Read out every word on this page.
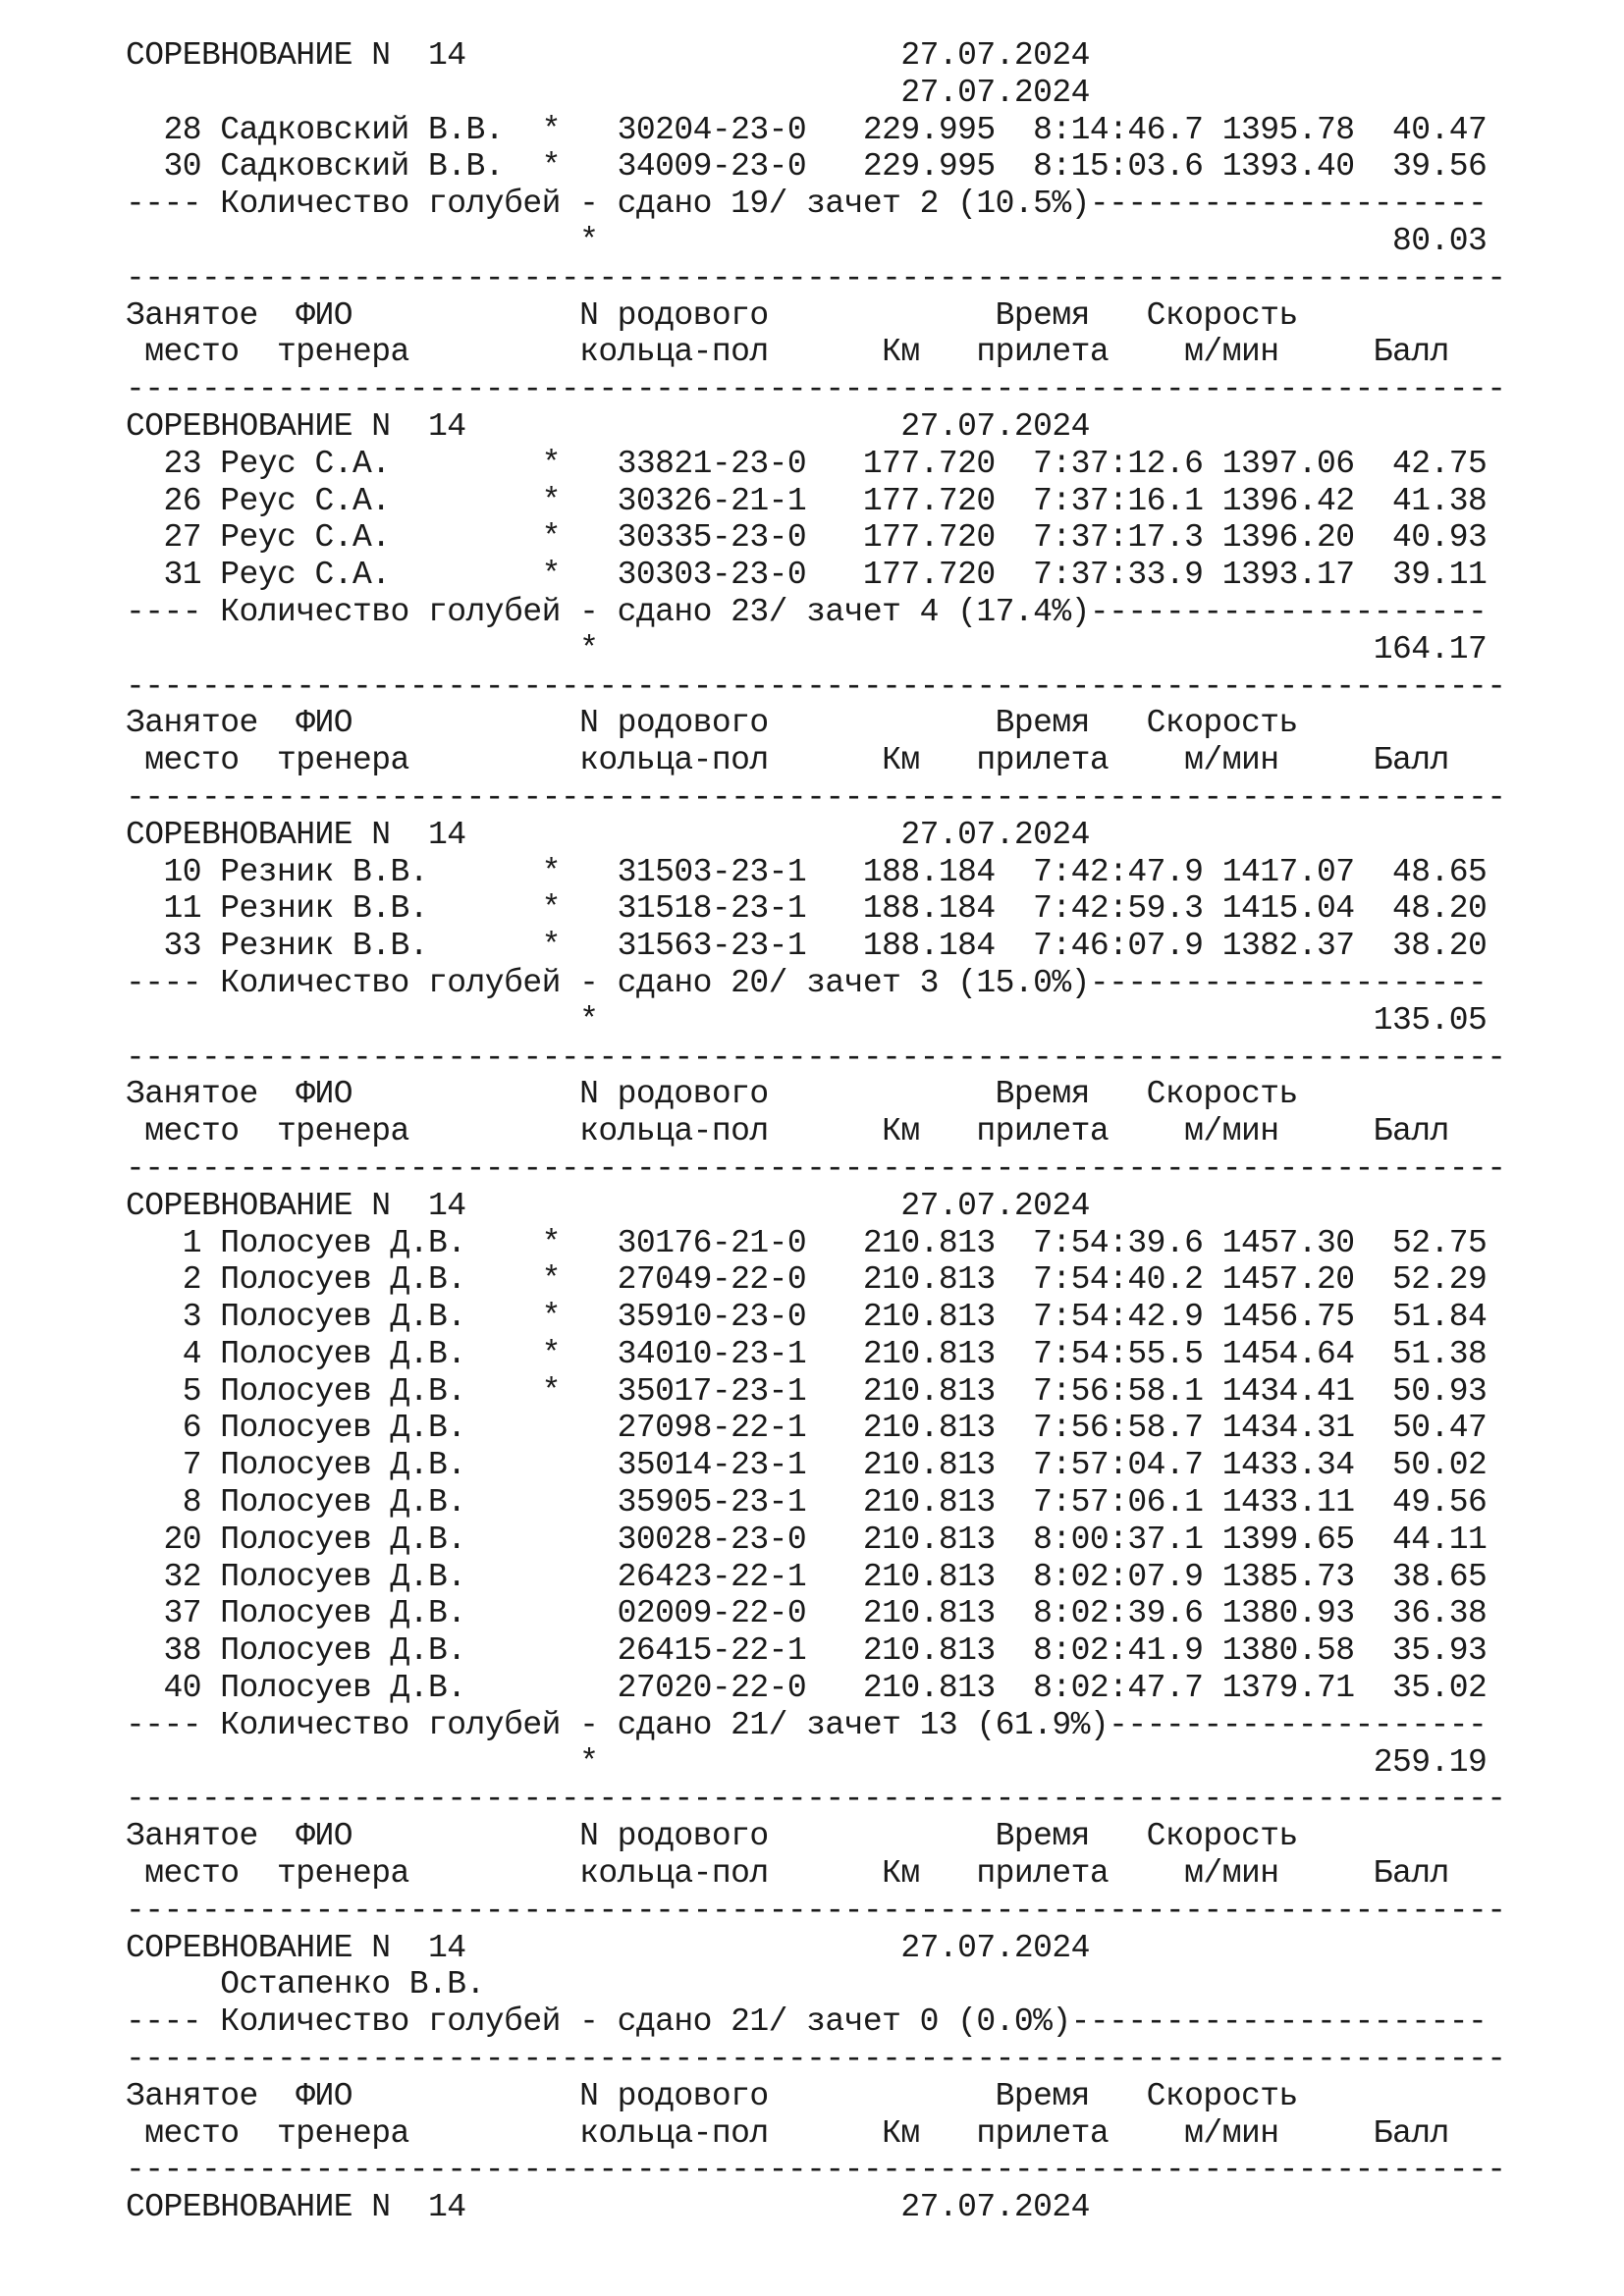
СОРЕВНОВАНИЕ N  14                       27.07.2024
27.07.2024
28 Садковский В.В.  *   30204-23-0   229.995  8:14:46.7 1395.78  40.47
30 Садковский В.В.  *   34009-23-0   229.995  8:15:03.6 1393.40  39.56
---- Количество голубей - сдано 19/ зачет 2 (10.5%)---------------------
*                                          80.03
-------------------------------------------------------------------------
Занятое  ФИО            N родового            Время   Скорость
место  тренера         кольца-пол      Км   прилета    м/мин     Балл
-------------------------------------------------------------------------
СОРЕВНОВАНИЕ N  14                       27.07.2024
23 Реус С.А.        *   33821-23-0   177.720  7:37:12.6 1397.06  42.75
26 Реус С.А.        *   30326-21-1   177.720  7:37:16.1 1396.42  41.38
27 Реус С.А.        *   30335-23-0   177.720  7:37:17.3 1396.20  40.93
31 Реус С.А.        *   30303-23-0   177.720  7:37:33.9 1393.17  39.11
---- Количество голубей - сдано 23/ зачет 4 (17.4%)---------------------
*                                         164.17
-------------------------------------------------------------------------
Занятое  ФИО            N родового            Время   Скорость
место  тренера         кольца-пол      Км   прилета    м/мин     Балл
-------------------------------------------------------------------------
СОРЕВНОВАНИЕ N  14                       27.07.2024
10 Резник В.В.      *   31503-23-1   188.184  7:42:47.9 1417.07  48.65
11 Резник В.В.      *   31518-23-1   188.184  7:42:59.3 1415.04  48.20
33 Резник В.В.      *   31563-23-1   188.184  7:46:07.9 1382.37  38.20
---- Количество голубей - сдано 20/ зачет 3 (15.0%)---------------------
*                                         135.05
-------------------------------------------------------------------------
Занятое  ФИО            N родового            Время   Скорость
место  тренера         кольца-пол      Км   прилета    м/мин     Балл
-------------------------------------------------------------------------
СОРЕВНОВАНИЕ N  14                       27.07.2024
1 Полосуев Д.В.    *   30176-21-0   210.813  7:54:39.6 1457.30  52.75
2 Полосуев Д.В.    *   27049-22-0   210.813  7:54:40.2 1457.20  52.29
3 Полосуев Д.В.    *   35910-23-0   210.813  7:54:42.9 1456.75  51.84
4 Полосуев Д.В.    *   34010-23-1   210.813  7:54:55.5 1454.64  51.38
5 Полосуев Д.В.    *   35017-23-1   210.813  7:56:58.1 1434.41  50.93
6 Полосуев Д.В.        27098-22-1   210.813  7:56:58.7 1434.31  50.47
7 Полосуев Д.В.        35014-23-1   210.813  7:57:04.7 1433.34  50.02
8 Полосуев Д.В.        35905-23-1   210.813  7:57:06.1 1433.11  49.56
20 Полосуев Д.В.        30028-23-0   210.813  8:00:37.1 1399.65  44.11
32 Полосуев Д.В.        26423-22-1   210.813  8:02:07.9 1385.73  38.65
37 Полосуев Д.В.        02009-22-0   210.813  8:02:39.6 1380.93  36.38
38 Полосуев Д.В.        26415-22-1   210.813  8:02:41.9 1380.58  35.93
40 Полосуев Д.В.        27020-22-0   210.813  8:02:47.7 1379.71  35.02
---- Количество голубей - сдано 21/ зачет 13 (61.9%)--------------------
*                                         259.19
-------------------------------------------------------------------------
Занятое  ФИО            N родового            Время   Скорость
место  тренера         кольца-пол      Км   прилета    м/мин     Балл
-------------------------------------------------------------------------
СОРЕВНОВАНИЕ N  14                       27.07.2024
Остапенко В.В.
---- Количество голубей - сдано 21/ зачет 0 (0.0%)----------------------
-------------------------------------------------------------------------
Занятое  ФИО            N родового            Время   Скорость
место  тренера         кольца-пол      Км   прилета    м/мин     Балл
-------------------------------------------------------------------------
СОРЕВНОВАНИЕ N  14                       27.07.2024
